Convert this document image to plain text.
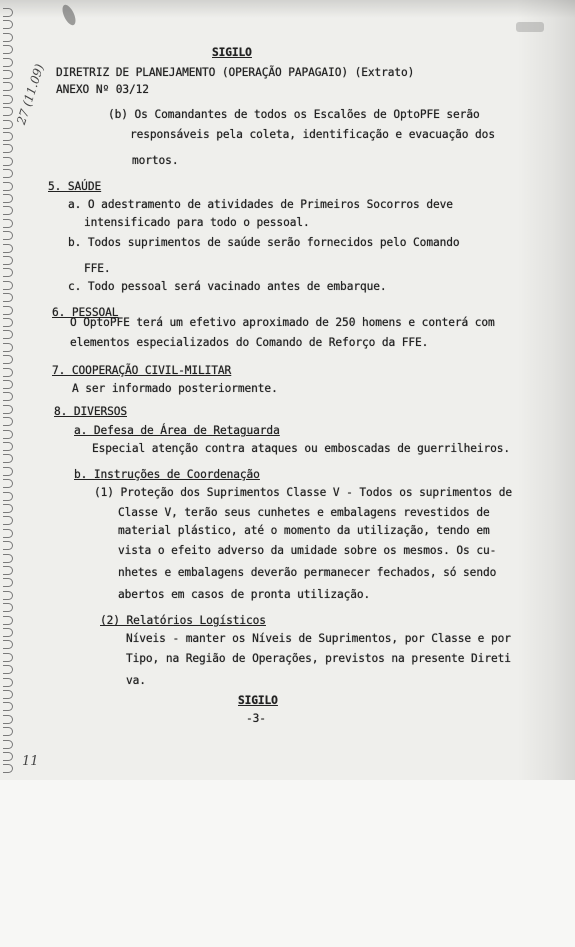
SIGILO
DIRETRIZ DE PLANEJAMENTO (OPERAÇÃO PAPAGAIO) (Extrato)
ANEXO Nº 03/12
27 (11.09)	(b) Os Comandantes de todos os Escalões de OptoPFE serão
responsáveis pela coleta, identificação e evacuação dos
mortos.
5. SAÚDE
a. O adestramento de atividades de Primeiros Socorros deve
intensificado para todo o pessoal.
b. Todos suprimentos de saúde serão fornecidos pelo Comando
FFE.
c. Todo pessoal será vacinado antes de embarque.
6. PESSOAL
O OptoPFE terá um efetivo aproximado de 250 homens e conterá com
elementos especializados do Comando de Reforço da FFE.
7. COOPERAÇÃO CIVIL-MILITAR
A ser informado posteriormente.
8. DIVERSOS
a. Defesa de Área de Retaguarda
Especial atenção contra ataques ou emboscadas de guerrilheiros.
b. Instruções de Coordenação
(1) Proteção dos Suprimentos Classe V - Todos os suprimentos de
Classe V, terão seus cunhetes e embalagens revestidos de
material plástico, até o momento da utilização, tendo em
vista o efeito adverso da umidade sobre os mesmos. Os cu-
nhetes e embalagens deverão permanecer fechados, só sendo
abertos em casos de pronta utilização.
(2) Relatórios Logísticos
Níveis - manter os Níveis de Suprimentos, por Classe e por
Tipo, na Região de Operações, previstos na presente Direti
va.
SIGILO
-3-
11
